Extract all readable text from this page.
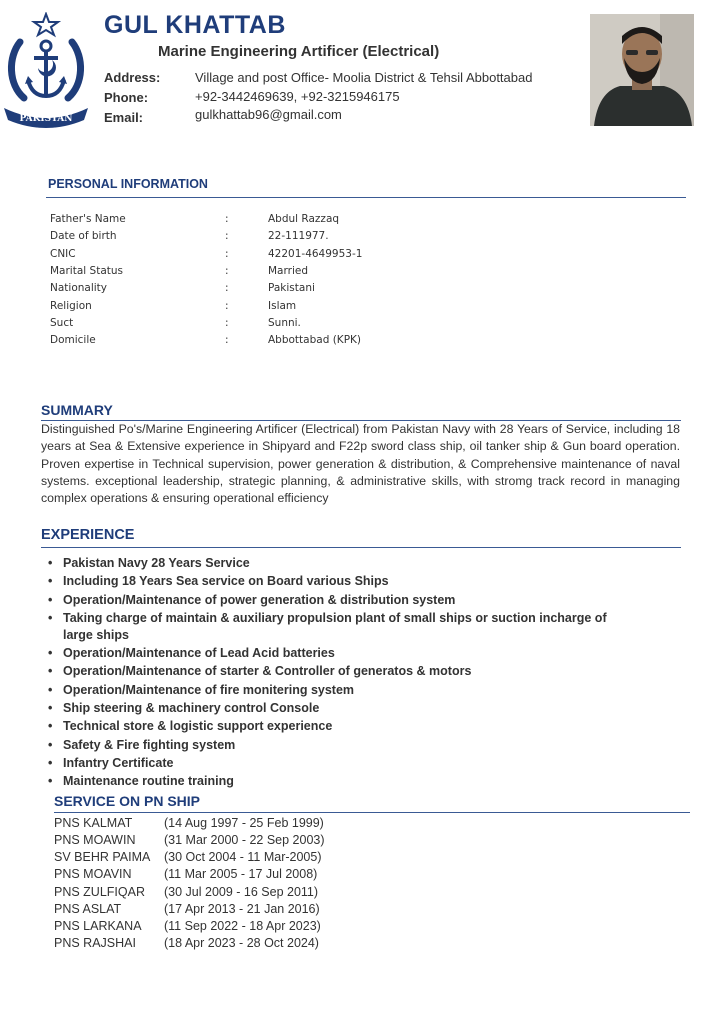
PAKISTAN
GUL KHATTAB
Marine Engineering Artificer (Electrical)
Address:	Village and post Office- Moolia District & Tehsil Abbottabad
Phone:	+92-3442469639, +92-3215946175
Email:	gulkhattab96@gmail.com
PERSONAL INFORMATION
Father's Name	:	Abdul Razzaq
Date of birth	:	22-111977.
CNIC	:	42201-4649953-1
Marital Status	:	Married
Nationality	:	Pakistani
Religion	:	Islam
Suct	:	Sunni.
Domicile	:	Abbottabad (KPK)
SUMMARY

Distinguished Po's/Marine Engineering Artificer (Electrical) from Pakistan Navy with 28 Years of Service, including 18 years at Sea & Extensive experience in Shipyard and F22p sword class ship, oil tanker ship & Gun board operation. Proven expertise in Technical supervision, power generation & distribution, & Comprehensive maintenance of naval systems. exceptional leadership, strategic planning, & administrative skills, with stromg track record in managing complex operations & ensuring operational efficiency

EXPERIENCE
• Pakistan Navy 28 Years Service
• Including 18 Years Sea service on Board various Ships
• Operation/Maintenance of power generation & distribution system
• Taking charge of maintain & auxiliary propulsion plant of small ships or suction incharge of large ships
• Operation/Maintenance of Lead Acid batteries
• Operation/Maintenance of starter & Controller of generatos & motors
• Operation/Maintenance of fire monitering system
• Ship steering & machinery control Console
• Technical store & logistic support experience
• Safety & Fire fighting system
• Infantry Certificate
• Maintenance routine training
SERVICE ON PN SHIP
PNS KALMAT	(14 Aug 1997 - 25 Feb 1999)
PNS MOAWIN (31 Mar 2000 - 22 Sep 2003)
SV BEHR PAIMA (30 Oct 2004 - 11 Mar-2005)
PNS MOAVIN	(11 Mar 2005 - 17 Jul 2008)
PNS ZULFIQAR (30 Jul 2009 - 16 Sep 2011)
PNS ASLAT	(17 Apr 2013 - 21 Jan 2016)
PNS LARKANA (11 Sep 2022 - 18 Apr 2023)
PNS RAJSHAI (18 Apr 2023 - 28 Oct 2024)
